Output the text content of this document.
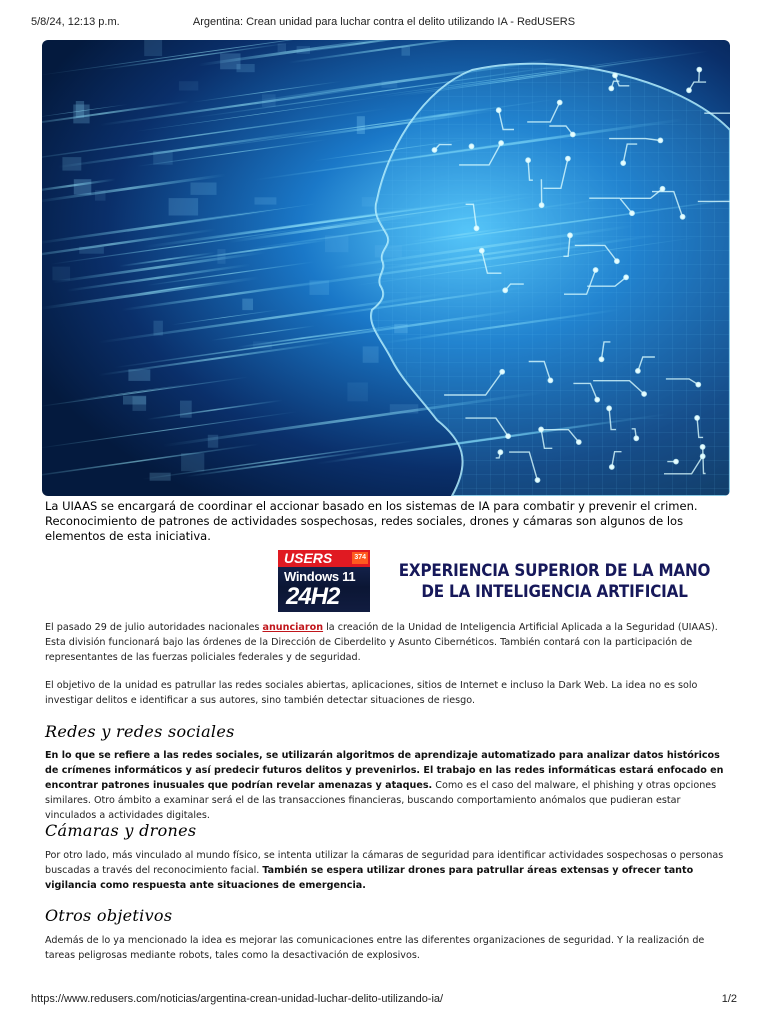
5/8/24, 12:13 p.m.	Argentina: Crean unidad para luchar contra el delito utilizando IA - RedUSERS
La UIAAS se encargará de coordinar el accionar basado en los sistemas de IA para combatir y prevenir el crimen. Reconocimiento de patrones de actividades sospechosas, redes sociales, drones y cámaras son algunos de los elementos de esta iniciativa.
USERS	374
Windows 11
24H2
EXPERIENCIA SUPERIOR DE LA MANO
DE LA INTELIGENCIA ARTIFICIAL
El pasado 29 de julio autoridades nacionales anunciaron la creación de la Unidad de Inteligencia Artificial Aplicada a la Seguridad (UIAAS). Esta división funcionará bajo las órdenes de la Dirección de Ciberdelito y Asunto Cibernéticos. También contará con la participación de representantes de las fuerzas policiales federales y de seguridad.
El objetivo de la unidad es patrullar las redes sociales abiertas, aplicaciones, sitios de Internet e incluso la Dark Web. La idea no es solo investigar delitos e identificar a sus autores, sino también detectar situaciones de riesgo.
Redes y redes sociales
En lo que se refiere a las redes sociales, se utilizarán algoritmos de aprendizaje automatizado para analizar datos históricos de crímenes informáticos y así predecir futuros delitos y prevenirlos. El trabajo en las redes informáticas estará enfocado en encontrar patrones inusuales que podrían revelar amenazas y ataques. Como es el caso del malware, el phishing y otras opciones similares. Otro ámbito a examinar será el de las transacciones financieras, buscando comportamiento anómalos que pudieran estar vinculados a actividades digitales.
Cámaras y drones
Por otro lado, más vinculado al mundo físico, se intenta utilizar la cámaras de seguridad para identificar actividades sospechosas o personas buscadas a través del reconocimiento facial. También se espera utilizar drones para patrullar áreas extensas y ofrecer tanto vigilancia como respuesta ante situaciones de emergencia.
Otros objetivos
Además de lo ya mencionado la idea es mejorar las comunicaciones entre las diferentes organizaciones de seguridad. Y la realización de tareas peligrosas mediante robots, tales como la desactivación de explosivos.
https://www.redusers.com/noticias/argentina-crean-unidad-luchar-delito-utilizando-ia/	1/2
